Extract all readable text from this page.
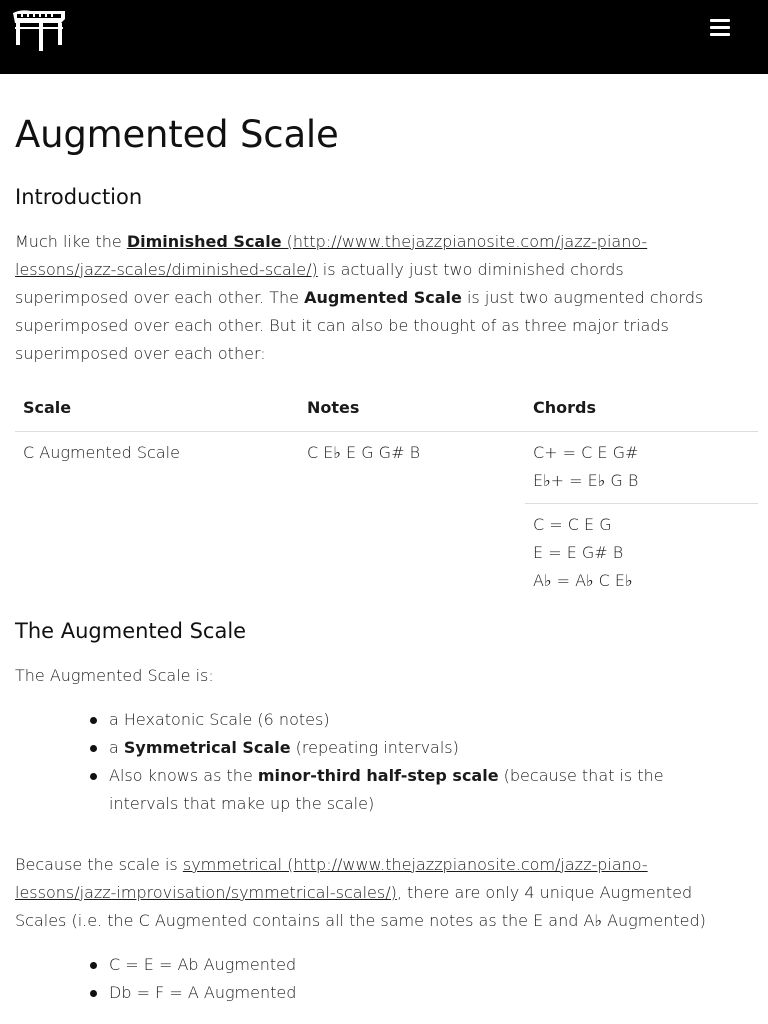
Augmented Scale
Introduction

Much like the Diminished Scale (http://www.thejazzpianosite.com/jazz-piano-lessons/jazz-scales/diminished-scale/) is actually just two diminished chords superimposed over each other. The Augmented Scale is just two augmented chords superimposed over each other. But it can also be thought of as three major triads superimposed over each other:

Scale	Notes	Chords
C Augmented Scale	C E♭ E G G# B	C+ = C E G#
E♭+ = E♭ G B
C = C E G
E = E G# B
A♭ = A♭ C E♭
The Augmented Scale

The Augmented Scale is:

a Hexatonic Scale (6 notes)
a Symmetrical Scale (repeating intervals)
Also knows as the minor-third half-step scale (because that is the intervals that make up the scale)

Because the scale is symmetrical (http://www.thejazzpianosite.com/jazz-piano-lessons/jazz-improvisation/symmetrical-scales/), there are only 4 unique Augmented Scales (i.e. the C Augmented contains all the same notes as the E and A♭ Augmented)

C = E = Ab Augmented
Db = F = A Augmented
